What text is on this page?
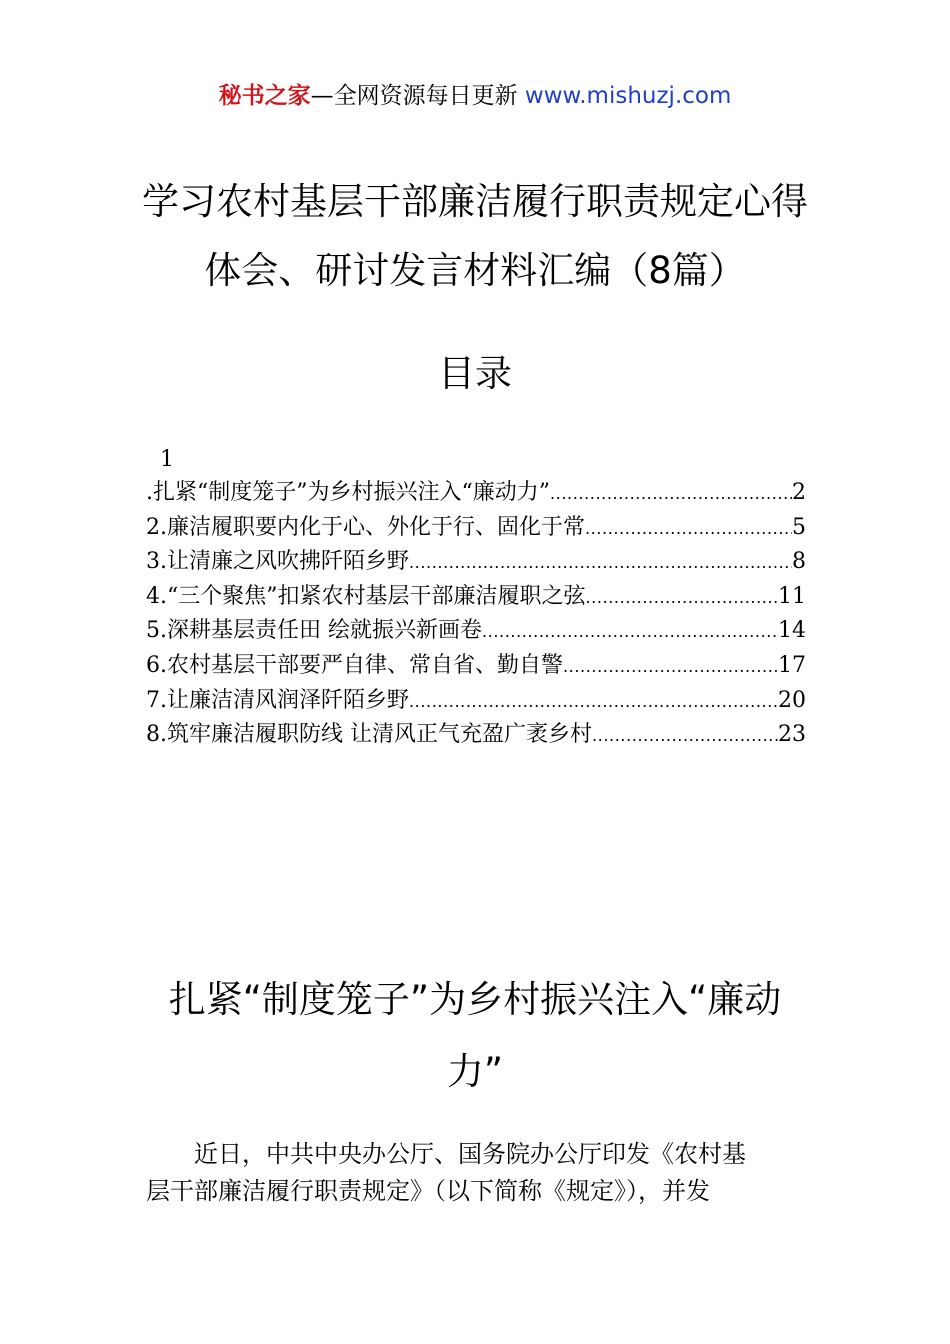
秘书之家—全网资源每日更新 www.mishuzj.com
学习农村基层干部廉洁履行职责规定心得
体会、研讨发言材料汇编（8篇）
目录
1
.扎紧“制度笼子”为乡村振兴注入“廉动力” .....	2
2.廉洁履职要内化于心、外化于行、固化于常 .....	5
3.让清廉之风吹拂阡陌乡野 .....	8
4.“三个聚焦”扣紧农村基层干部廉洁履职之弦 .....	11
5.深耕基层责任田 绘就振兴新画卷 .....	14
6.农村基层干部要严自律、常自省、勤自警 .....	17
7.让廉洁清风润泽阡陌乡野 .....	20
8.筑牢廉洁履职防线 让清风正气充盈广袤乡村 .....	23
扎紧“制度笼子”为乡村振兴注入“廉动
力”
近日，中共中央办公厅、国务院办公厅印发《农村基
层干部廉洁履行职责规定》（以下简称《规定》），并发
